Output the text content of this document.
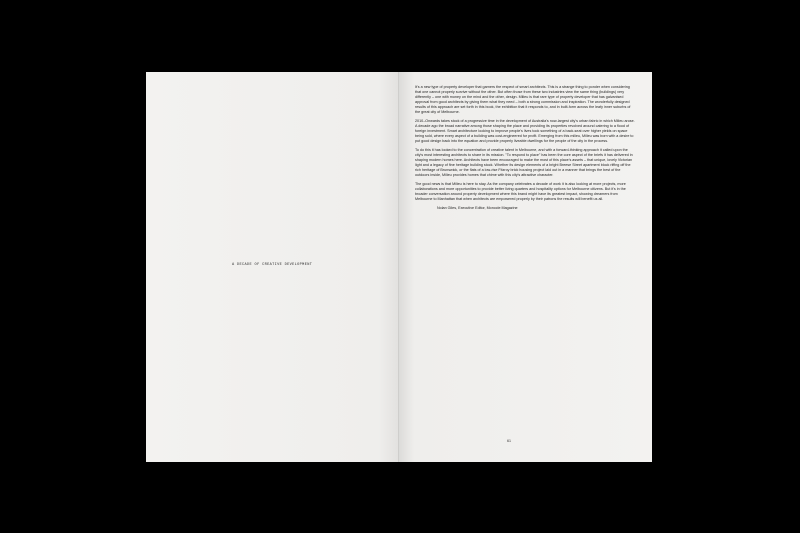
A DECADE OF CREATIVE DEVELOPMENT

It's a new type of property developer that garners the respect of smart architects. This is a strange thing to ponder when considering that one cannot properly survive without the other. But often those from these two industries view the same thing (buildings) very differently – one with money on the mind and the other, design. Milieu is that rare type of property developer that has galvanised approval from good architects by giving them what they need – both a strong commission and inspiration. The wonderfully designed results of this approach are set forth in this book, the exhibition that it responds to, and in built-form across the leafy inner suburbs of the great city of Melbourne.

2010–Onwards takes stock of a progressive time in the development of Australia's now-largest city's urban fabric in which Milieu arose. A decade ago the broad narrative among those shaping the place and providing its properties revolved around catering to a flood of foreign investment. Smart architecture looking to improve people's lives took something of a back-seat over higher yields on space being sold, where every aspect of a building was cost-engineered for profit. Emerging from this milieu, Milieu was born with a desire to put good design back into the equation and provide properly liveable dwellings for the people of the city in the process.

To do this it has looked to the concentration of creative talent in Melbourne, and with a forward-thinking approach it called upon the city's most interesting architects to share in its mission. "To respond to place" has been the core aspect of the briefs it has delivered in shaping modern homes here. Architects have been encouraged to make the most of this place's assets – that unique, lovely Victorian light and a legacy of fine heritage building stock. Whether its design elements of a bright Breese Street apartment block riffing off the rich heritage of Brunswick, or the flats of a low-rise Fitzroy brick housing project laid out in a manner that brings the best of the outdoors inside, Milieu provides homes that chime with this city's attractive character.

The good news is that Milieu is here to stay. As the company celebrates a decade of work it is also looking at more projects, more collaborations and more opportunities to provide better living quarters and hospitality options for Melbourne citizens. But it's in the broader conversation around property development where this brand might have its greatest impact, showing dreamers from Melbourne to Manhattan that when architects are empowered properly by their patrons the results will benefit us all.

Nolan Giles, Executive Editor, Monocle Magazine
61
